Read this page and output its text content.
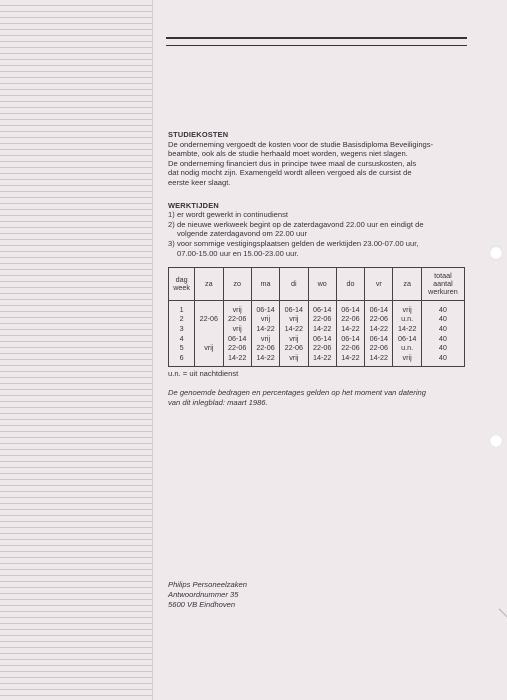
STUDIEKOSTEN

De onderneming vergoedt de kosten voor de studie Basisdiploma Beveiligings-
beambte, ook als de studie herhaald moet worden, wegens niet slagen.
De onderneming financiert dus in principe twee maal de cursuskosten, als
dat nodig mocht zijn. Examengeld wordt alleen vergoed als de cursist de
eerste keer slaagt.

WERKTIJDEN

1) er wordt gewerkt in continudienst
2) de nieuwe werkweek begint op de zaterdagavond 22.00 uur en eindigt de
volgende zaterdagavond om 22.00 uur
3) voor sommige vestigingsplaatsen gelden de werktijden 23.00-07.00 uur,
07.00-15.00 uur en 15.00-23.00 uur.
dag
week	za	zo	ma	di	wo	do	vr	za	totaal
aantal
werkuren

1		vrij	06-14	06-14	06-14	06-14	06-14	vrij	40
2	22-06	22-06	vrij	vrij	22-06	22-06	22-06	u.n.	40
3		vrij	14-22	14-22	14-22	14-22	14-22	14-22	40
4		06-14	vrij	vrij	06-14	06-14	06-14	06-14	40
5	vrij	22-06	22-06	22-06	22-06	22-06	22-06	u.n.	40
6		14-22	14-22	vrij	14-22	14-22	14-22	vrij	40
u.n. = uit nachtdienst
De genoemde bedragen en percentages gelden op het moment van datering
van dit inlegblad: maart 1986.
Philips Personeelzaken
Antwoordnummer 35
5600 VB Eindhoven
